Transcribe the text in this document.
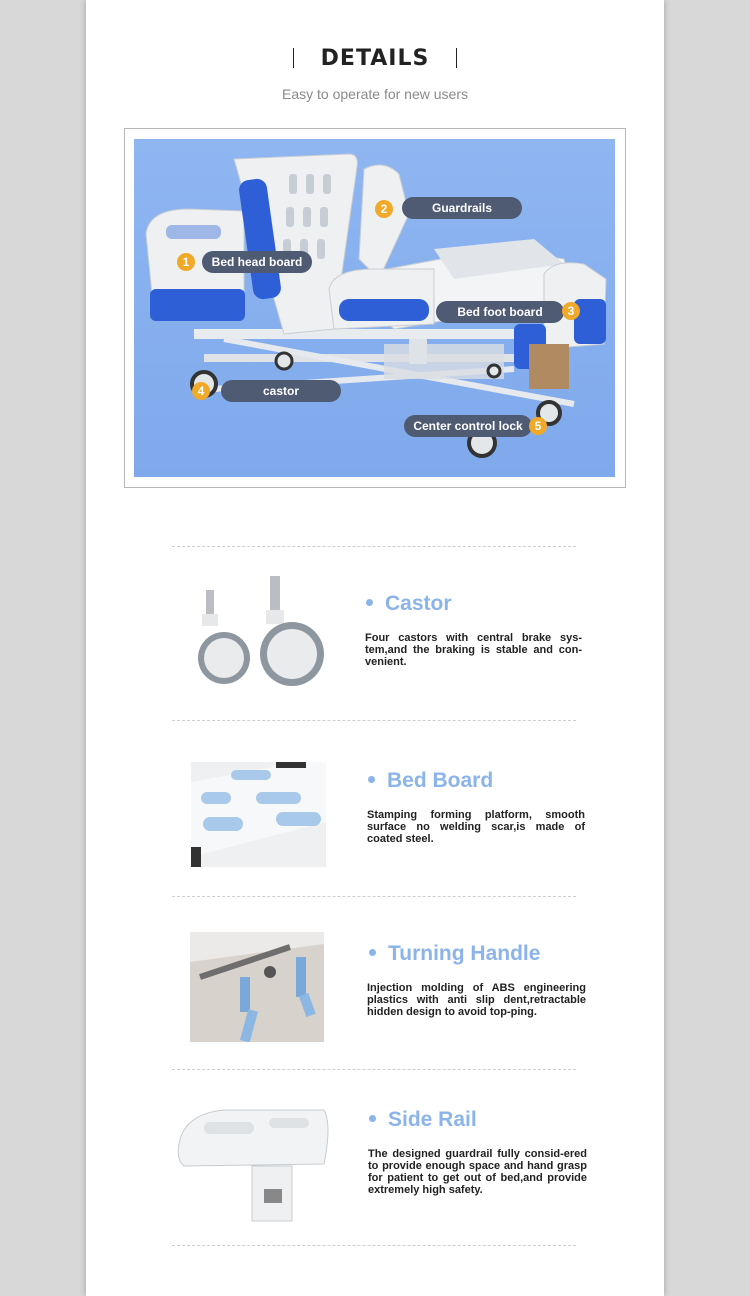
DETAILS
Easy to operate for new users
Bed head board
1
Guardrails
2
Bed foot board	3
castor
4
Center control lock 5
Castor
Four castors with central brake sys-tem,and the braking is stable and con-venient.
Bed Board
Stamping forming platform, smooth surface no welding scar,is made of coated steel.
Turning Handle
Injection molding of ABS engineering plastics with anti slip dent,retractable hidden design to avoid top-ping.
Side Rail
The designed guardrail fully consid-ered to provide enough space and hand grasp for patient to get out of bed,and provide extremely high safety.
